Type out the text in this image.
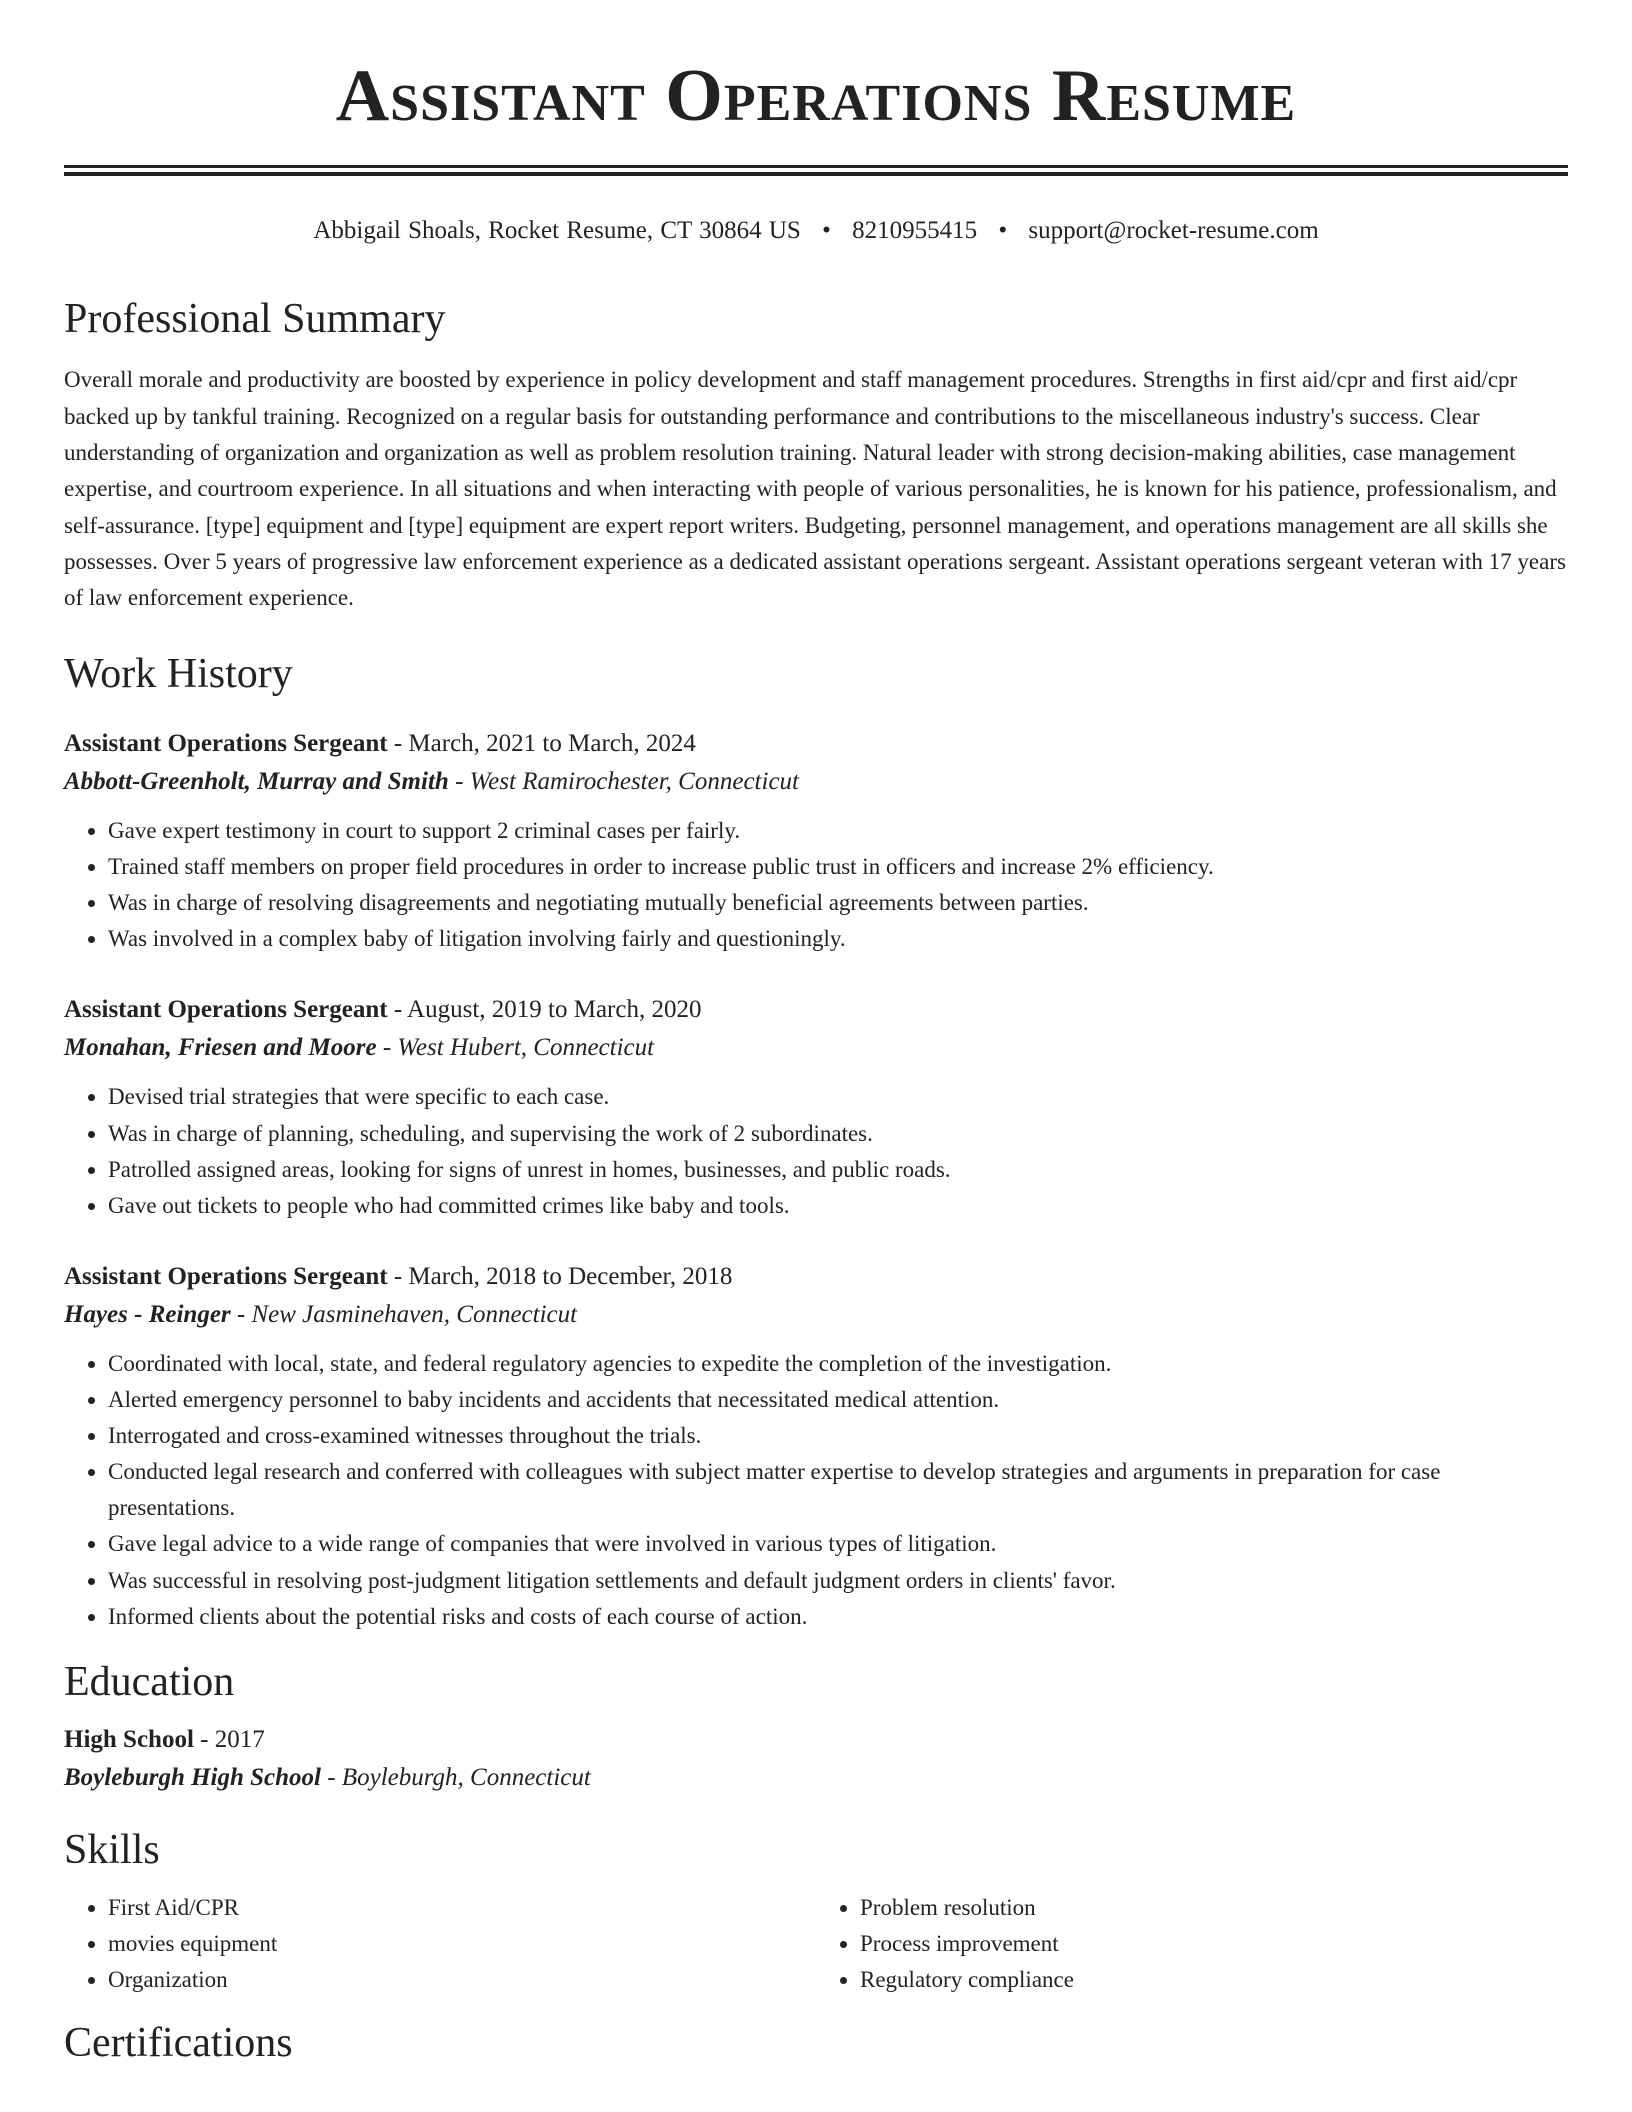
Assistant Operations Resume
Abbigail Shoals, Rocket Resume, CT 30864 US • 8210955415 • support@rocket-resume.com
Professional Summary

Overall morale and productivity are boosted by experience in policy development and staff management procedures. Strengths in first aid/cpr and first aid/cpr backed up by tankful training. Recognized on a regular basis for outstanding performance and contributions to the miscellaneous industry's success. Clear understanding of organization and organization as well as problem resolution training. Natural leader with strong decision-making abilities, case management expertise, and courtroom experience. In all situations and when interacting with people of various personalities, he is known for his patience, professionalism, and self-assurance. [type] equipment and [type] equipment are expert report writers. Budgeting, personnel management, and operations management are all skills she possesses. Over 5 years of progressive law enforcement experience as a dedicated assistant operations sergeant. Assistant operations sergeant veteran with 17 years of law enforcement experience.

Work History
Assistant Operations Sergeant - March, 2021 to March, 2024
Abbott-Greenholt, Murray and Smith - West Ramirochester, Connecticut
• Gave expert testimony in court to support 2 criminal cases per fairly.
• Trained staff members on proper field procedures in order to increase public trust in officers and increase 2% efficiency.
• Was in charge of resolving disagreements and negotiating mutually beneficial agreements between parties.
• Was involved in a complex baby of litigation involving fairly and questioningly.
Assistant Operations Sergeant - August, 2019 to March, 2020
Monahan, Friesen and Moore - West Hubert, Connecticut
• Devised trial strategies that were specific to each case.
• Was in charge of planning, scheduling, and supervising the work of 2 subordinates.
• Patrolled assigned areas, looking for signs of unrest in homes, businesses, and public roads.
• Gave out tickets to people who had committed crimes like baby and tools.
Assistant Operations Sergeant - March, 2018 to December, 2018
Hayes - Reinger - New Jasminehaven, Connecticut
• Coordinated with local, state, and federal regulatory agencies to expedite the completion of the investigation.
• Alerted emergency personnel to baby incidents and accidents that necessitated medical attention.
• Interrogated and cross-examined witnesses throughout the trials.
• Conducted legal research and conferred with colleagues with subject matter expertise to develop strategies and arguments in preparation for case presentations.
• Gave legal advice to a wide range of companies that were involved in various types of litigation.
• Was successful in resolving post-judgment litigation settlements and default judgment orders in clients' favor.
• Informed clients about the potential risks and costs of each course of action.
Education
High School - 2017
Boyleburgh High School - Boyleburgh, Connecticut
Skills
• First Aid/CPR
• movies equipment
• Organization
• Problem resolution
• Process improvement
• Regulatory compliance
Certifications
